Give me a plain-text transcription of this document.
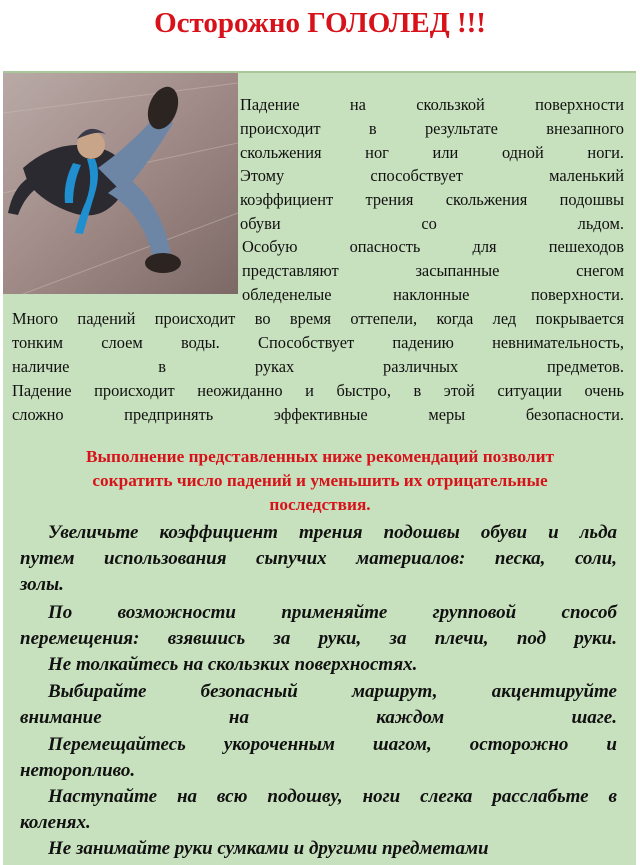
Осторожно ГОЛОЛЕД !!!
Падение на скользкой поверхности
происходит в результате внезапного
скольжения ног или одной ноги.
Этому способствует маленький
коэффициент трения скольжения подошвы
обуви со льдом.
Особую опасность для пешеходов
представляют засыпанные снегом
обледенелые наклонные поверхности.
Много падений происходит во время оттепели, когда лед покрывается
тонким слоем воды. Способствует падению невнимательность,
наличие в руках различных предметов.
Падение происходит неожиданно и быстро, в этой ситуации очень
сложно предпринять эффективные меры безопасности.
Выполнение представленных ниже рекомендаций позволит
сократить число падений и уменьшить их отрицательные
последствия.
Увеличьте коэффициент трения подошвы обуви и льда
путем использования сыпучих материалов: песка, соли,
золы.
По возможности применяйте групповой способ
перемещения: взявшись за руки, за плечи, под руки.
Не толкайтесь на скользких поверхностях.
Выбирайте безопасный маршрут, акцентируйте
внимание на каждом шаге.
Перемещайтесь укороченным шагом, осторожно и
неторопливо.
Наступайте на всю подошву, ноги слегка расслабьте в
коленях.
Не занимайте руки сумками и другими предметами
